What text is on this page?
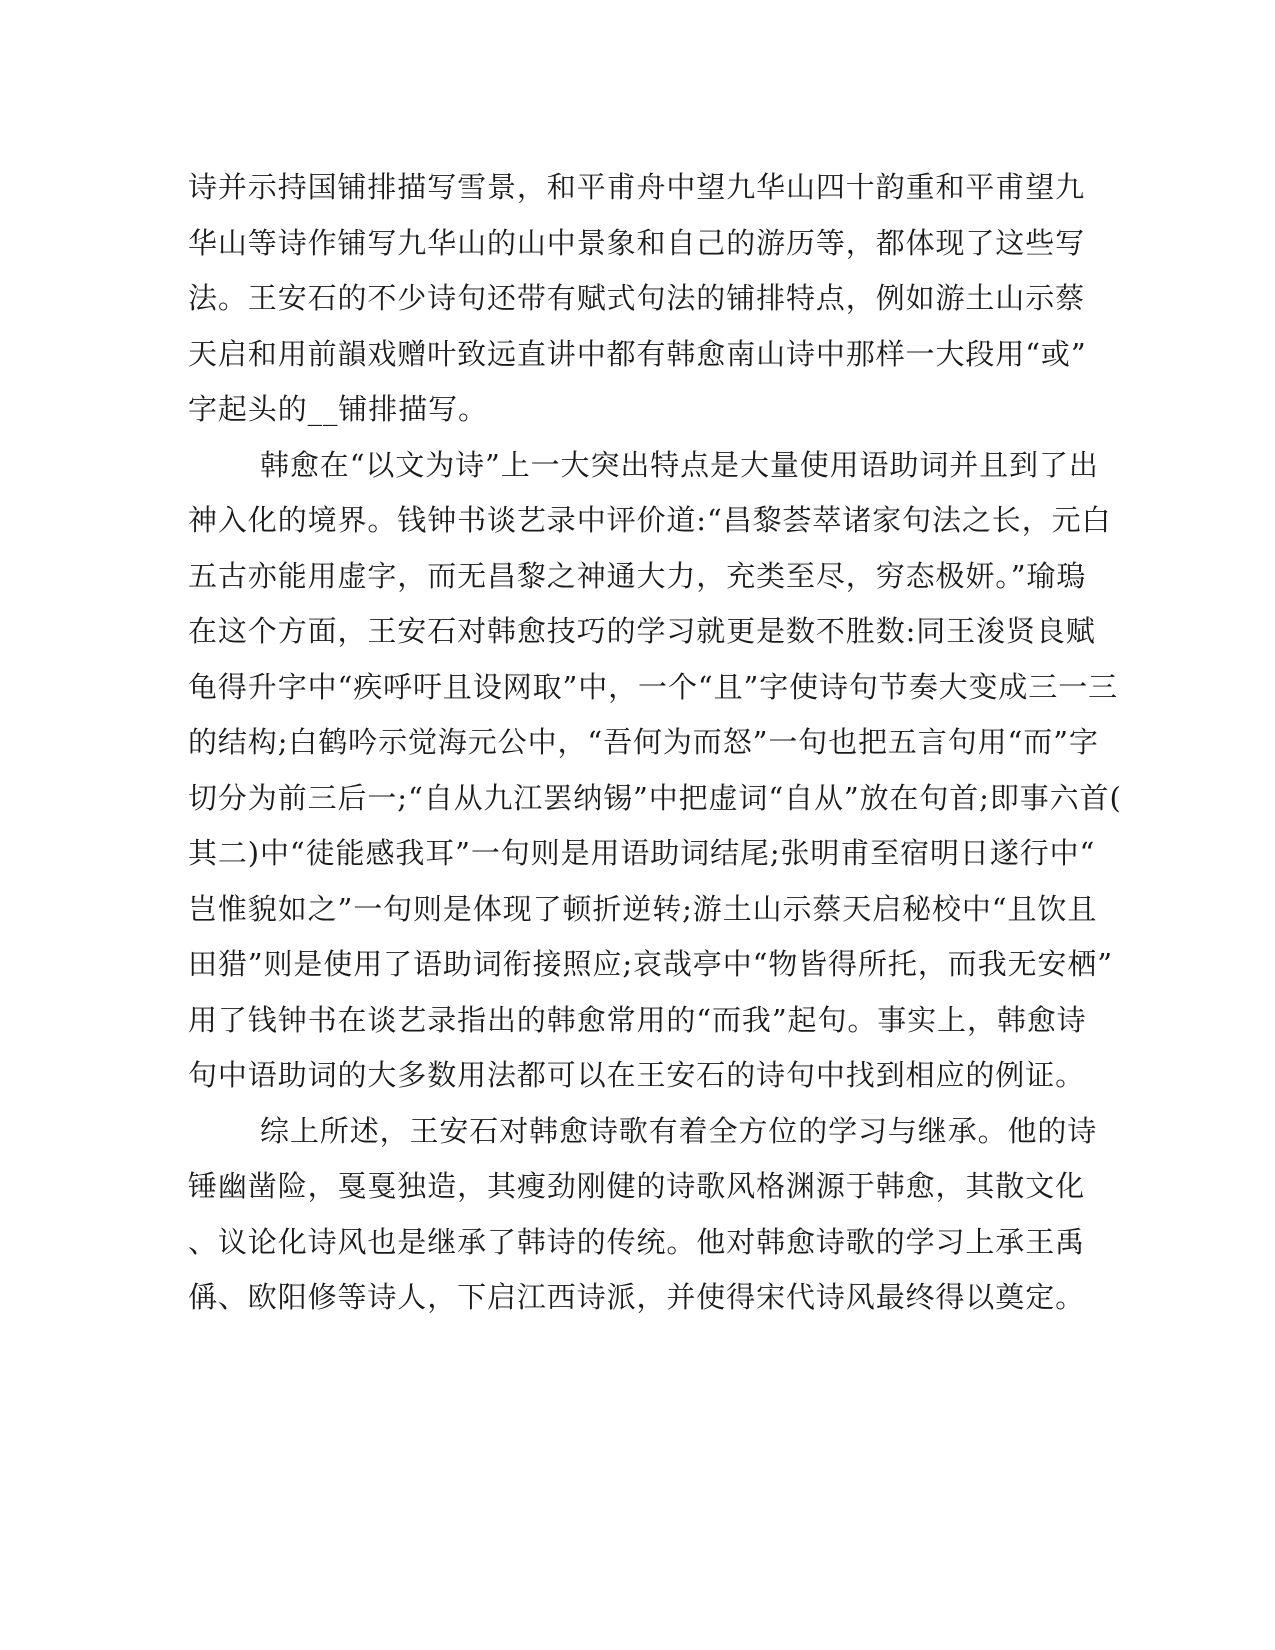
诗并示持国铺排描写雪景，和平甫舟中望九华山四十韵重和平甫望九
华山等诗作铺写九华山的山中景象和自己的游历等，都体现了这些写
法。王安石的不少诗句还带有赋式句法的铺排特点，例如游土山示蔡
天启和用前韻戏赠叶致远直讲中都有韩愈南山诗中那样一大段用“或”
字起头的__铺排描写。
韩愈在“以文为诗”上一大突出特点是大量使用语助词并且到了出
神入化的境界。钱钟书谈艺录中评价道:“昌黎荟萃诸家句法之长，元白
五古亦能用虚字，而无昌黎之神通大力，充类至尽，穷态极妍。”瑜瑦
在这个方面，王安石对韩愈技巧的学习就更是数不胜数:同王浚贤良赋
龟得升字中“疾呼吁且设网取”中，一个“且”字使诗句节奏大变成三一三
的结构;白鹤吟示觉海元公中，“吾何为而怒”一句也把五言句用“而”字
切分为前三后一;“自从九江罢纳锡”中把虚词“自从”放在句首;即事六首(
其二)中“徒能感我耳”一句则是用语助词结尾;张明甫至宿明日遂行中“
岂惟貌如之”一句则是体现了顿折逆转;游土山示蔡天启秘校中“且饮且
田猎”则是使用了语助词衔接照应;哀哉亭中“物皆得所托，而我无安栖”
用了钱钟书在谈艺录指出的韩愈常用的“而我”起句。事实上，韩愈诗
句中语助词的大多数用法都可以在王安石的诗句中找到相应的例证。
综上所述，王安石对韩愈诗歌有着全方位的学习与继承。他的诗
锤幽凿险，戛戛独造，其瘦劲刚健的诗歌风格渊源于韩愈，其散文化
、议论化诗风也是继承了韩诗的传统。他对韩愈诗歌的学习上承王禹
偁、欧阳修等诗人，下启江西诗派，并使得宋代诗风最终得以奠定。
